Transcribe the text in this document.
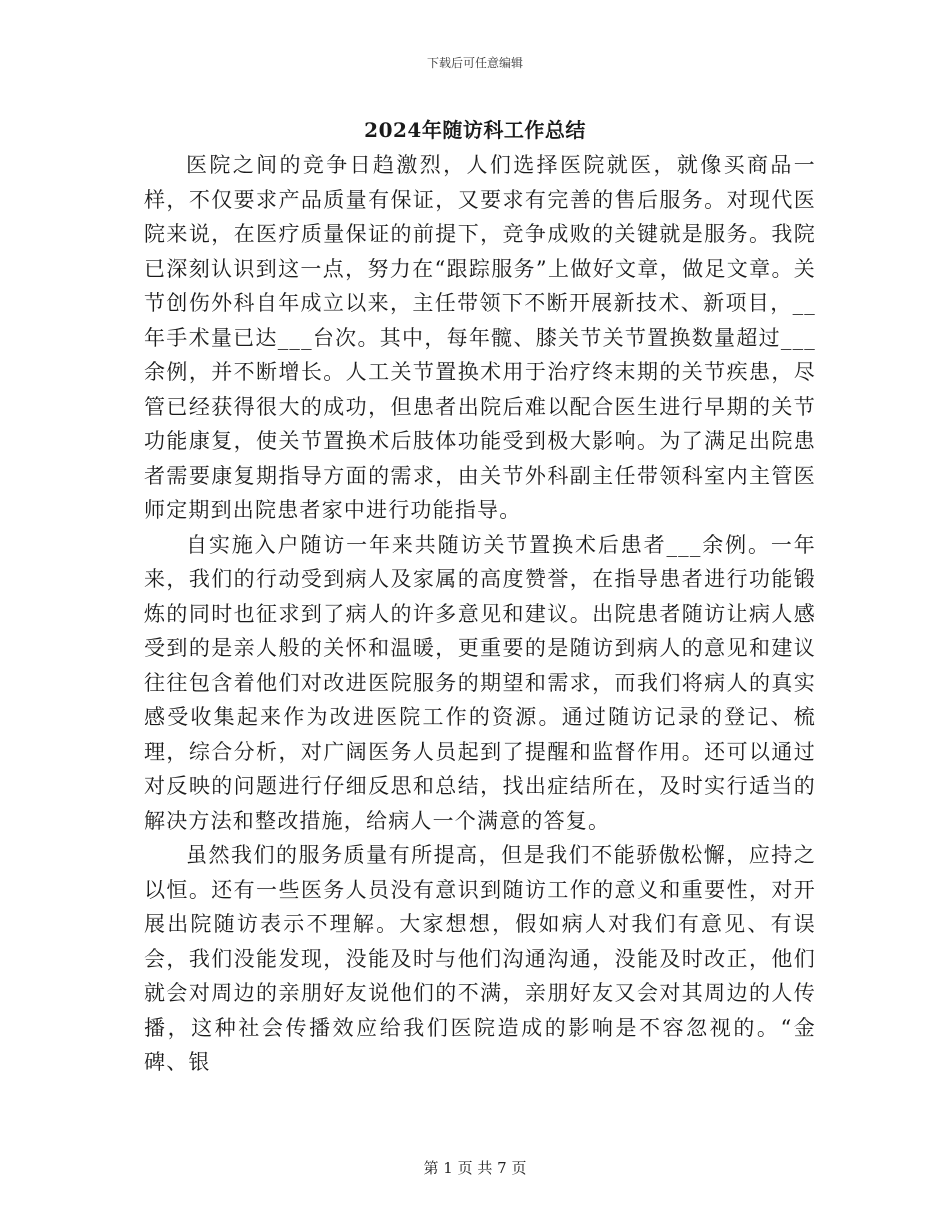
下载后可任意编辑
2024年随访科工作总结

医院之间的竞争日趋激烈，人们选择医院就医，就像买商品一样，不仅要求产品质量有保证，又要求有完善的售后服务。对现代医院来说，在医疗质量保证的前提下，竞争成败的关键就是服务。我院已深刻认识到这一点，努力在“跟踪服务”上做好文章，做足文章。关节创伤外科自年成立以来，主任带领下不断开展新技术、新项目，__年手术量已达___台次。其中，每年髋、膝关节关节置换数量超过___余例，并不断增长。人工关节置换术用于治疗终末期的关节疾患，尽管已经获得很大的成功，但患者出院后难以配合医生进行早期的关节功能康复，使关节置换术后肢体功能受到极大影响。为了满足出院患者需要康复期指导方面的需求，由关节外科副主任带领科室内主管医师定期到出院患者家中进行功能指导。

自实施入户随访一年来共随访关节置换术后患者___余例。一年来，我们的行动受到病人及家属的高度赞誉，在指导患者进行功能锻炼的同时也征求到了病人的许多意见和建议。出院患者随访让病人感受到的是亲人般的关怀和温暖，更重要的是随访到病人的意见和建议往往包含着他们对改进医院服务的期望和需求，而我们将病人的真实感受收集起来作为改进医院工作的资源。通过随访记录的登记、梳理，综合分析，对广阔医务人员起到了提醒和监督作用。还可以通过对反映的问题进行仔细反思和总结，找出症结所在，及时实行适当的解决方法和整改措施，给病人一个满意的答复。

虽然我们的服务质量有所提高，但是我们不能骄傲松懈，应持之以恒。还有一些医务人员没有意识到随访工作的意义和重要性，对开展出院随访表示不理解。大家想想，假如病人对我们有意见、有误会，我们没能发现，没能及时与他们沟通沟通，没能及时改正，他们就会对周边的亲朋好友说他们的不满，亲朋好友又会对其周边的人传播，这种社会传播效应给我们医院造成的影响是不容忽视的。“金碑、银

第 1 页 共 7 页
